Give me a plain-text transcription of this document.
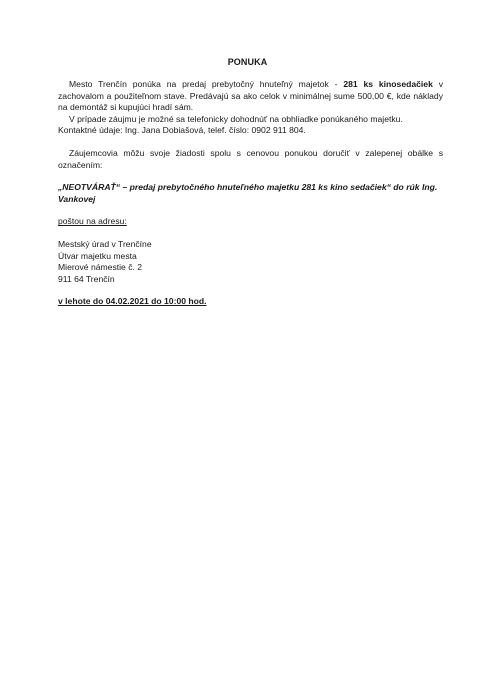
PONUKA

Mesto Trenčín ponúka na predaj prebytočný hnuteľný majetok - 281 ks kinosedačiek v zachovalom a použiteľnom stave. Predávajú sa ako celok v minimálnej sume 500,00 €, kde náklady na demontáž si kupujúci hradí sám.

V prípade záujmu je možné sa telefonicky dohodnúť na obhliadke ponúkaného majetku.

Kontaktné údaje: Ing. Jana Dobiašová, telef. číslo: 0902 911 804.

Záujemcovia môžu svoje žiadosti spolu s cenovou ponukou doručiť v zalepenej obálke s označením:

„NEOTVÁRAŤ“ – predaj prebytočného hnuteľného majetku 281 ks kino sedačiek“ do rúk Ing. Vankovej

poštou na adresu:

Mestský úrad v Trenčíne

Útvar majetku mesta

Mierové námestie č. 2

911 64 Trenčín

v lehote do 04.02.2021 do 10:00 hod.
